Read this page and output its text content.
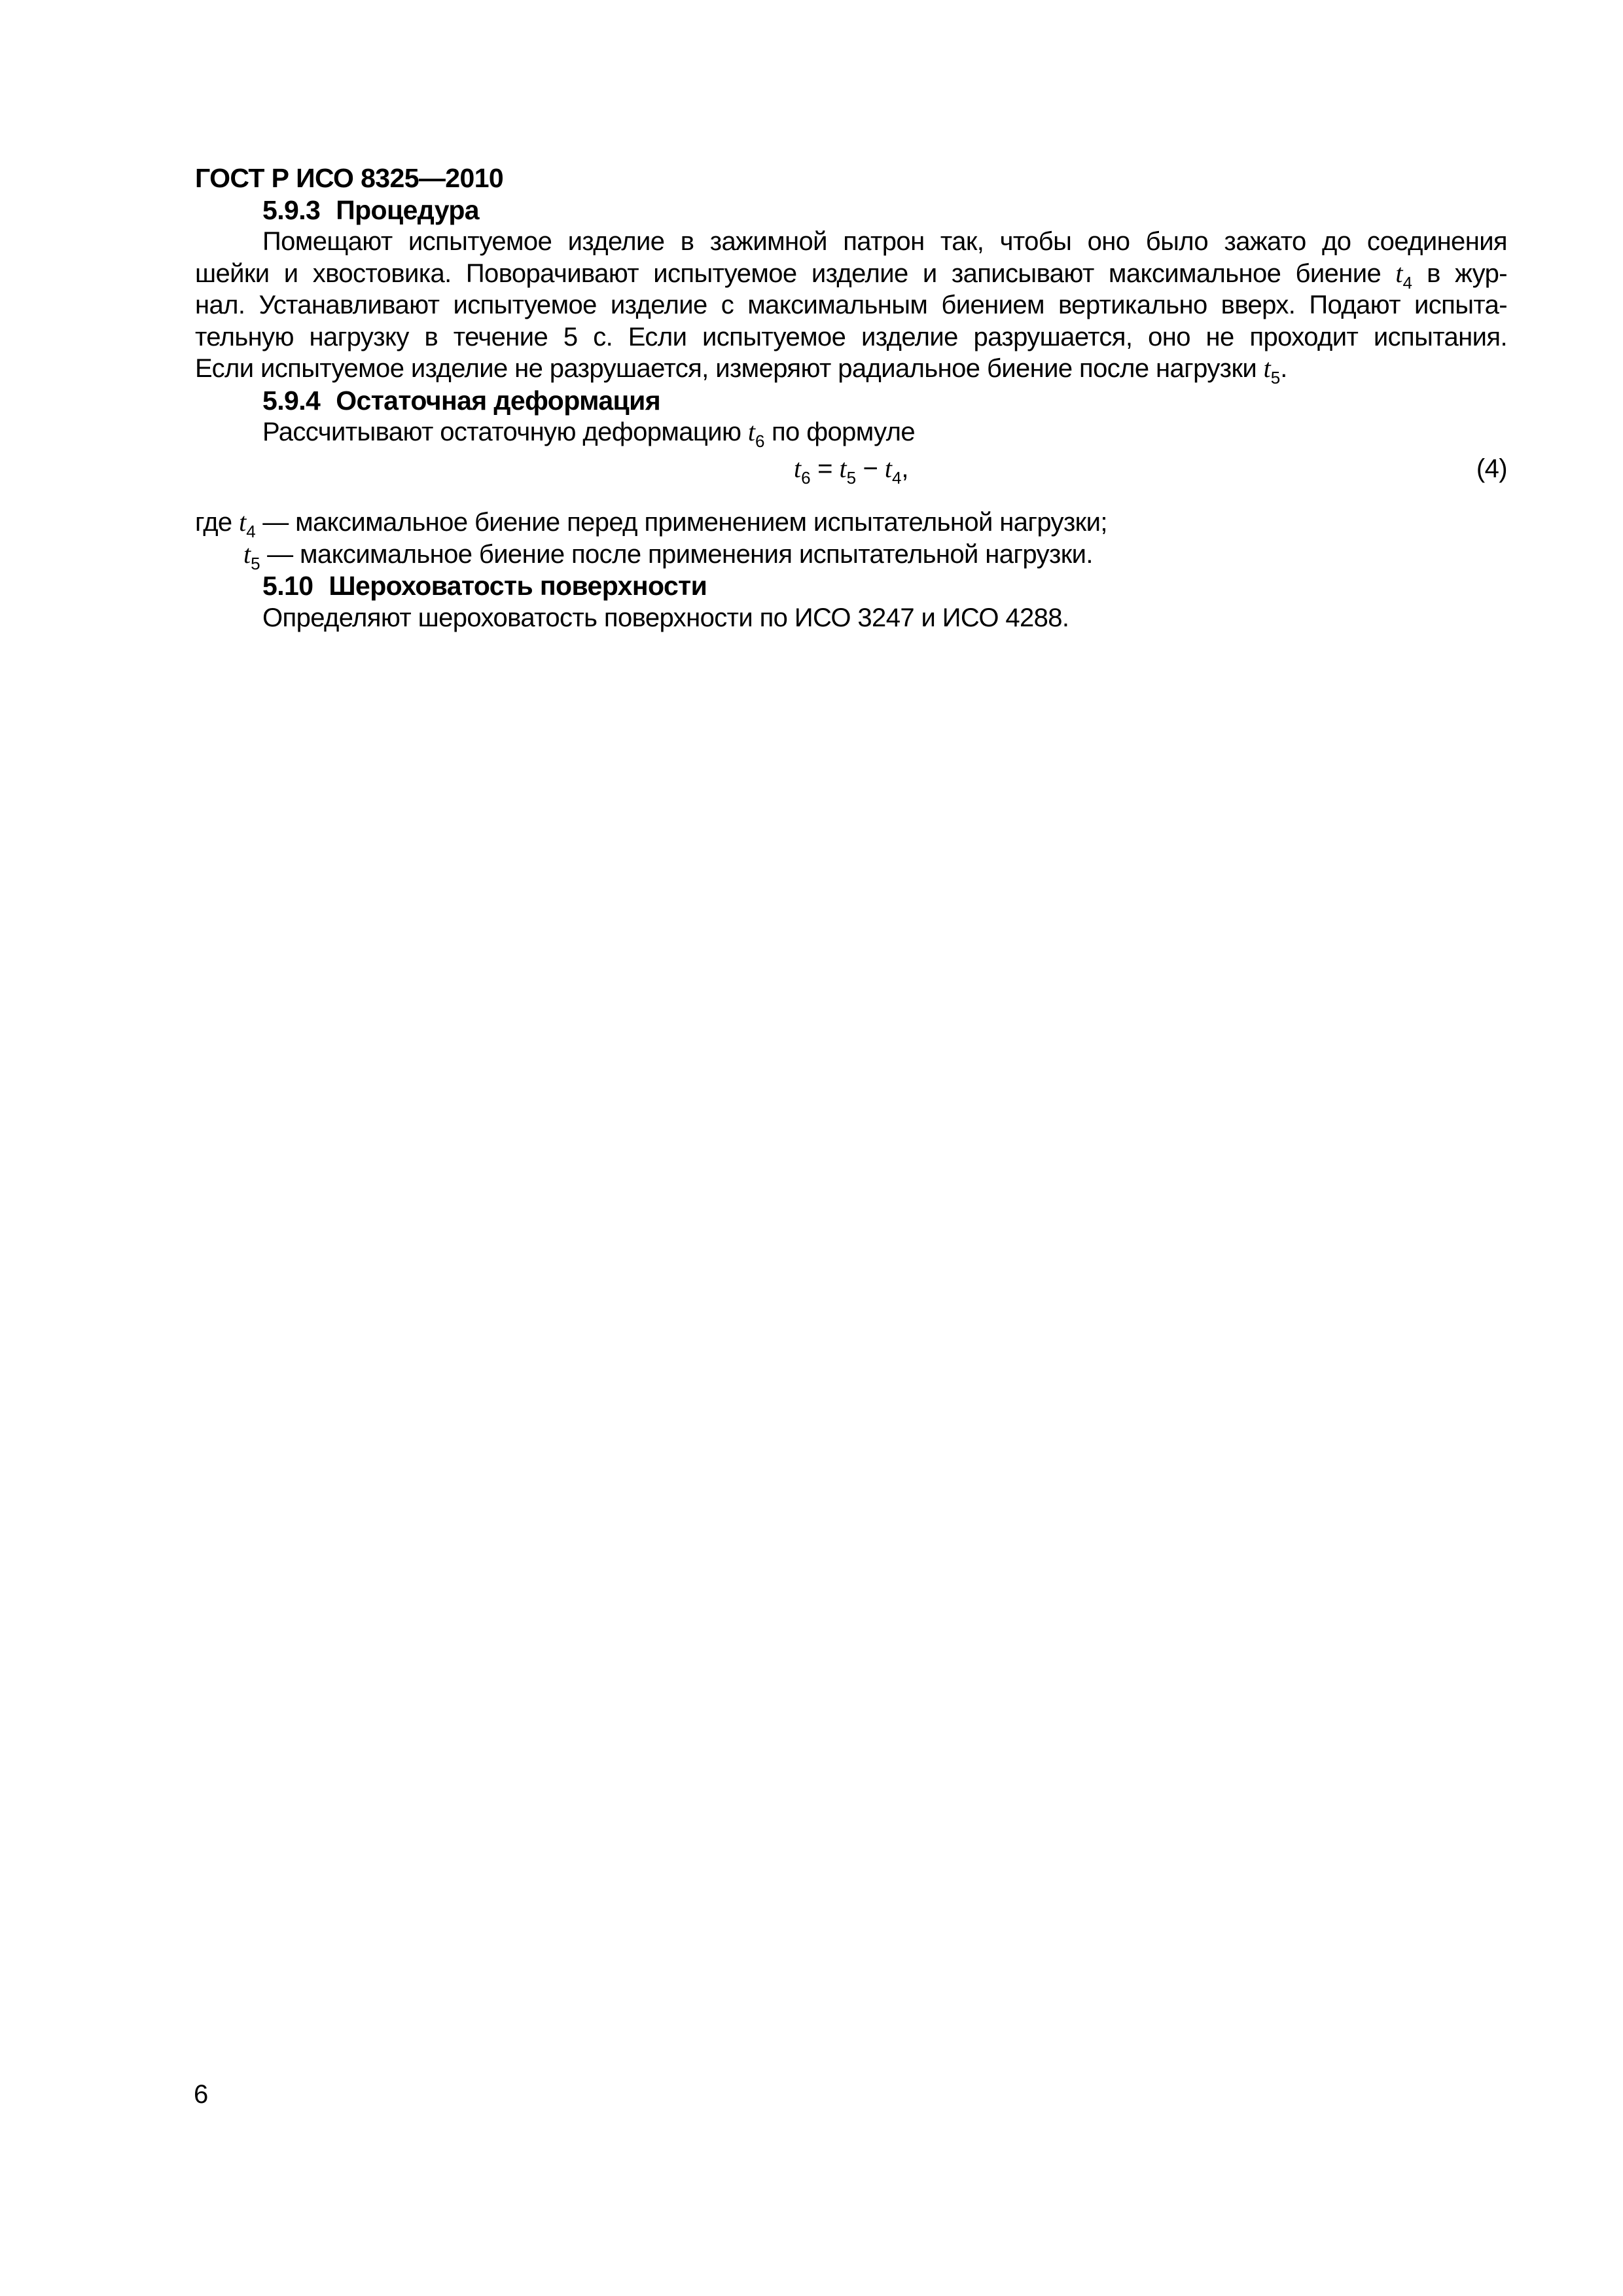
ГОСТ Р ИСО 8325—2010
5.9.3 Процедура
Помещают испытуемое изделие в зажимной патрон так, чтобы оно было зажато до соединения
шейки и хвостовика. Поворачивают испытуемое изделие и записывают максимальное биение $t_4$ в жур-
нал. Устанавливают испытуемое изделие с максимальным биением вертикально вверх. Подают испыта-
тельную нагрузку в течение 5 с. Если испытуемое изделие разрушается, оно не проходит испытания.
Если испытуемое изделие не разрушается, измеряют радиальное биение после нагрузки $t_5$.
5.9.4 Остаточная деформация
Рассчитывают остаточную деформацию $t_6$ по формуле
$t_6 = t_5 - t_4$,	(4)
где $t_4$ — максимальное биение перед применением испытательной нагрузки;
$t_5$ — максимальное биение после применения испытательной нагрузки.
5.10 Шероховатость поверхности
Определяют шероховатость поверхности по ИСО 3247 и ИСО 4288.
6
